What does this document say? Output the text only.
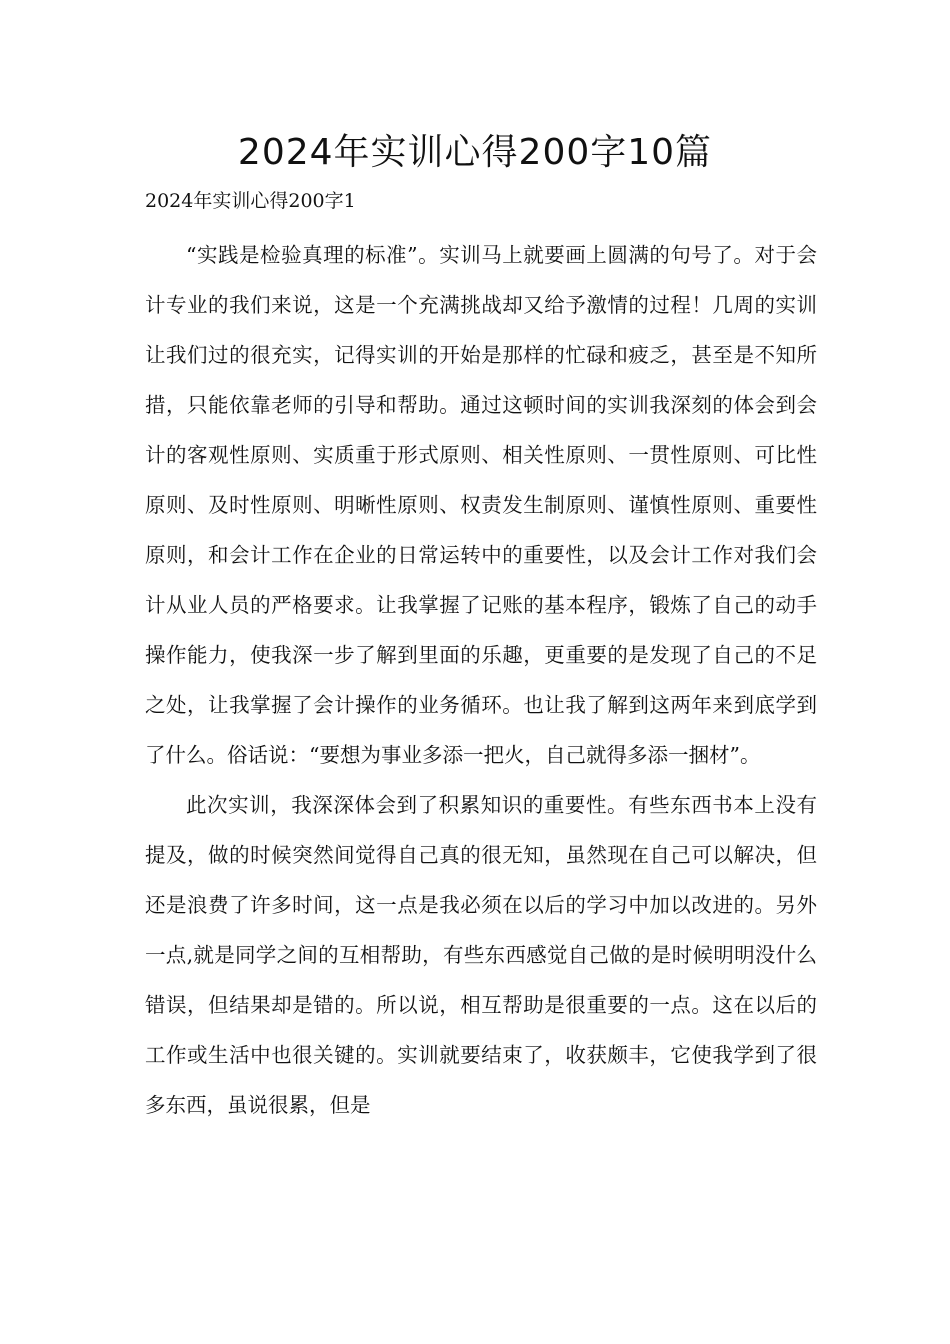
2024年实训心得200字10篇
2024年实训心得200字1

“实践是检验真理的标准”。实训马上就要画上圆满的句号了。对于会计专业的我们来说，这是一个充满挑战却又给予激情的过程！几周的实训让我们过的很充实，记得实训的开始是那样的忙碌和疲乏，甚至是不知所措，只能依靠老师的引导和帮助。通过这顿时间的实训我深刻的体会到会计的客观性原则、实质重于形式原则、相关性原则、一贯性原则、可比性原则、及时性原则、明晰性原则、权责发生制原则、谨慎性原则、重要性原则，和会计工作在企业的日常运转中的重要性，以及会计工作对我们会计从业人员的严格要求。让我掌握了记账的基本程序，锻炼了自己的动手操作能力，使我深一步了解到里面的乐趣，更重要的是发现了自己的不足之处，让我掌握了会计操作的业务循环。也让我了解到这两年来到底学到了什么。俗话说：“要想为事业多添一把火，自己就得多添一捆材”。

此次实训，我深深体会到了积累知识的重要性。有些东西书本上没有提及，做的时候突然间觉得自己真的很无知，虽然现在自己可以解决，但还是浪费了许多时间，这一点是我必须在以后的学习中加以改进的。另外一点,就是同学之间的互相帮助，有些东西感觉自己做的是时候明明没什么错误，但结果却是错的。所以说，相互帮助是很重要的一点。这在以后的工作或生活中也很关键的。实训就要结束了，收获颇丰，它使我学到了很多东西，虽说很累，但是
